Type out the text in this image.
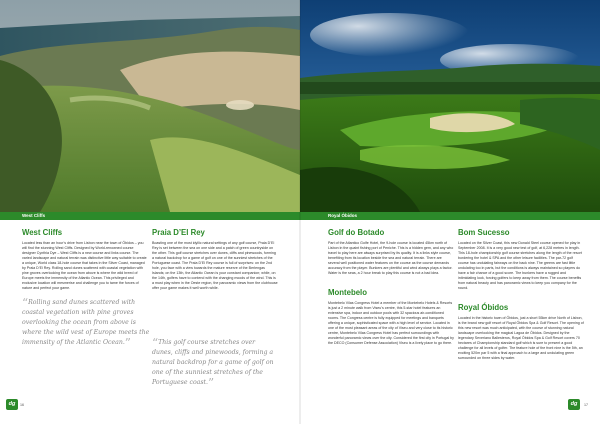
West Cliffs
West Cliffs

Located less than an hour’s drive from Lisbon near the town of Óbidos – you will find the stunning West Cliffs. Designed by World-renowned course designer Cynthia Dye – West Cliffs is a new course and links course. The varied landscape and natural terrain was distinctive little way suitable to create a unique, World class 18-hole course that takes in the Silver Coast, managed by Praia D’El Rey. Rolling sand dunes scattered with coastal vegetation with pine groves overlooking the ocean from above is where the wild breed of Europe meets the immensity of the Atlantic Ocean. This privileged and exclusive location will mesmerise and challenge you to tame the forces of nature and perfect your game.

“Rolling sand dunes scattered with coastal vegetation with pine groves overlooking the ocean from above is where the wild vest of Europe meets the immensity of the Atlantic Ocean.”
Praia D’El Rey

Boasting one of the most idyllic natural settings of any golf course, Praia D’El Rey is set between the sea on one side and a patch of green countryside on the other. This golf course stretches over dunes, cliffs and pinewoods, forming a natural backdrop for a game of golf on one of the sunniest stretches of the Portuguese coast. The Praia D’El Rey course is full of surprises: on the 2nd hole, you face with a view towards the mature reserve of the Berlengas Islands; on the 13th, the Atlantic Ocean is your constant companion; while, on the 14th, golfers have to contend with the changing moods of the wind. This is a must play when in the Oeste region, the panoramic views from the clubhouse offer your game makes it well worth while.

“This golf course stretches over dunes, cliffs and pinewoods, forming a natural backdrop for a game of golf on one of the sunniest stretches of the Portuguese coast.”
dg	16
Royal Óbidos
Golf do Botado

Part of the Atlantico Golfe Hotel, the 9-hole course is located 45km north of Lisbon in the quaint fishing port of Peniche. This is a hidden gem, and any who travel to play here are always surprised by its quality. It is a links style course, benefiting from its location beside the sea and natural terrain. There are several well positioned water features on the course as the course demands accuracy from the player. Bunkers are plentiful and wind always plays a factor. Water is the seas, a 2 hour break to play this course is not a bad idea.

Montebelo

Montebelo Vilas Congress Hotel a member of the Montebelo Hotels & Resorts is just a 2 minute walk from Viseu’s centre, this 5-star hotel features an extensive spa, indoor and outdoor pools with 32 spacious air-conditioned rooms. The Congress centre is fully equipped for meetings and banquets offering a unique, sophisticated space with a high level of service. Located in one of the most pleasant areas of the city of Viseu and very close to its historic centre, Montebelo Vilas Congress Hotel has perfect surroundings with wonderful panoramic views over the city. Considered the first city in Portugal by the DECO (Consumer Defense Association) Viseu is a lively place to go there.

Bom Sucesso

Located on the Silver Coast, this new Donald Steel course opened for play in September 2008. It is a very good new test of golf, at 6,228 metres in length. This 18-hole championship golf course stretches along the length of the resort bordering the hotel & SPA and the other leisure facilities. The par-72 golf course has undulating fairways on the back nine. The greens are fast little undulating too in parts, but the conditions is always maintained so players do have a fair chance of a good score. The bunkers have a rugged and intimidating look, forcing golfers to keep away from them. The course benefits from natural beauty and has panoramic views to keep you company for the round.

Royal Óbidos

Located in the historic town of Óbidos, just a short 55km drive North of Lisbon, is the brand new golf resort of Royal Óbidos Spa & Golf Resort. The opening of this new resort was much anticipated, with the course of stunning natural landscape overlooking the magical Lagoa de Óbidos. Designed by the legendary Severiano Ballesteros, Royal Óbidos Spa & Golf Resort covers 70 hectares of Championship standard golf which is sure to present a good challenge for all levels of golfer. The feature hole of the front nine is the 5th, an exciting 520m par 5 with a final approach to a large and undulating green surrounded on three sides by water.

17
dg
